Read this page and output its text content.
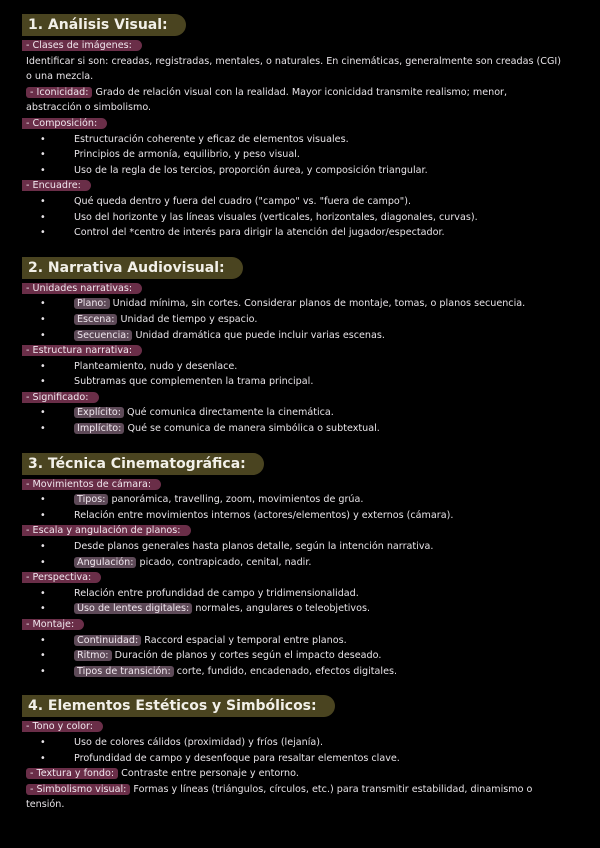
1. Análisis Visual:
- Clases de imágenes:

Identificar si son: creadas, registradas, mentales, o naturales. En cinemáticas, generalmente son creadas (CGI) o una mezcla.

- Iconicidad: Grado de relación visual con la realidad. Mayor iconicidad transmite realismo; menor, abstracción o simbolismo.

- Composición:
• Estructuración coherente y eficaz de elementos visuales.
• Principios de armonía, equilibrio, y peso visual.
• Uso de la regla de los tercios, proporción áurea, y composición triangular.
- Encuadre:
• Qué queda dentro y fuera del cuadro ("campo" vs. "fuera de campo").
• Uso del horizonte y las líneas visuales (verticales, horizontales, diagonales, curvas).
• Control del *centro de interés para dirigir la atención del jugador/espectador.
2. Narrativa Audiovisual:
- Unidades narrativas:
• Plano: Unidad mínima, sin cortes. Considerar planos de montaje, tomas, o planos secuencia.
• Escena: Unidad de tiempo y espacio.
• Secuencia: Unidad dramática que puede incluir varias escenas.
- Estructura narrativa:
• Planteamiento, nudo y desenlace.
• Subtramas que complementen la trama principal.
- Significado:
• Explícito: Qué comunica directamente la cinemática.
• Implícito: Qué se comunica de manera simbólica o subtextual.
3. Técnica Cinematográfica:
- Movimientos de cámara:
• Tipos: panorámica, travelling, zoom, movimientos de grúa.
• Relación entre movimientos internos (actores/elementos) y externos (cámara).
- Escala y angulación de planos:
• Desde planos generales hasta planos detalle, según la intención narrativa.
• Angulación: picado, contrapicado, cenital, nadir.
- Perspectiva:
• Relación entre profundidad de campo y tridimensionalidad.
• Uso de lentes digitales: normales, angulares o teleobjetivos.
- Montaje:
• Continuidad: Raccord espacial y temporal entre planos.
• Ritmo: Duración de planos y cortes según el impacto deseado.
• Tipos de transición: corte, fundido, encadenado, efectos digitales.
4. Elementos Estéticos y Simbólicos:
- Tono y color:
• Uso de colores cálidos (proximidad) y fríos (lejanía).
• Profundidad de campo y desenfoque para resaltar elementos clave.

- Textura y fondo: Contraste entre personaje y entorno.

- Simbolismo visual: Formas y líneas (triángulos, círculos, etc.) para transmitir estabilidad, dinamismo o tensión.
